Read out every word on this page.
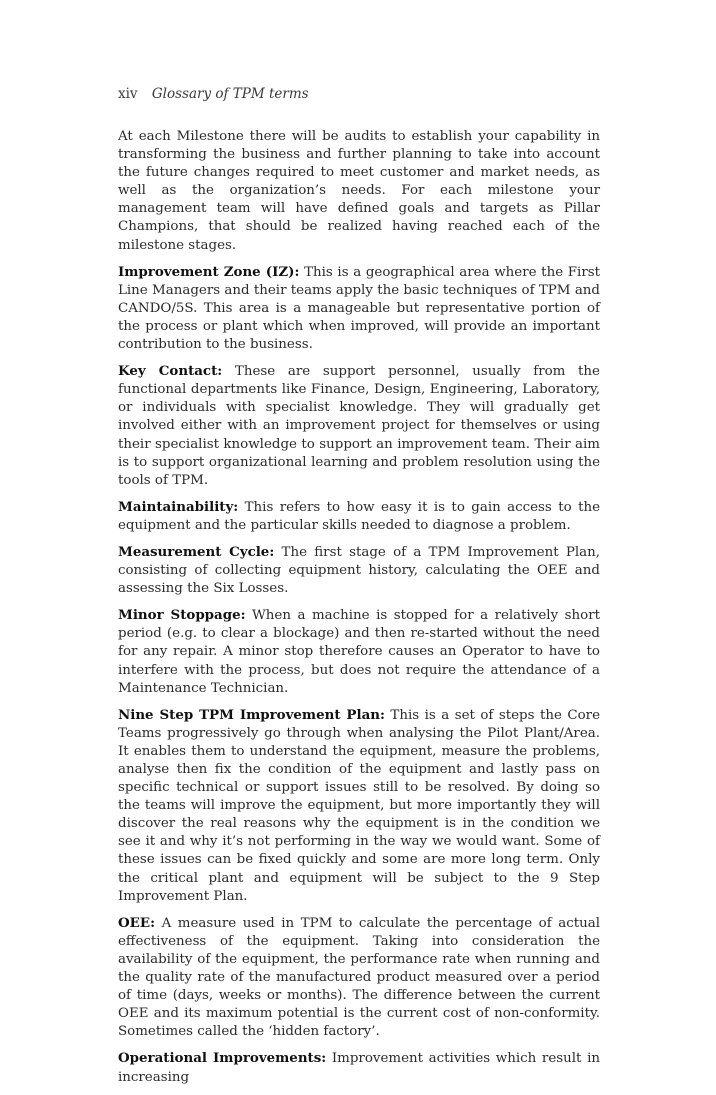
xiv Glossary of TPM terms

At each Milestone there will be audits to establish your capability in transforming the business and further planning to take into account the future changes required to meet customer and market needs, as well as the organization’s needs. For each milestone your management team will have defined goals and targets as Pillar Champions, that should be realized having reached each of the milestone stages.

Improvement Zone (IZ): This is a geographical area where the First Line Managers and their teams apply the basic techniques of TPM and CANDO/5S. This area is a manageable but representative portion of the process or plant which when improved, will provide an important contribution to the business.

Key Contact: These are support personnel, usually from the functional departments like Finance, Design, Engineering, Laboratory, or individuals with specialist knowledge. They will gradually get involved either with an improvement project for themselves or using their specialist knowledge to support an improvement team. Their aim is to support organizational learning and problem resolution using the tools of TPM.

Maintainability: This refers to how easy it is to gain access to the equipment and the particular skills needed to diagnose a problem.

Measurement Cycle: The first stage of a TPM Improvement Plan, consisting of collecting equipment history, calculating the OEE and assessing the Six Losses.

Minor Stoppage: When a machine is stopped for a relatively short period (e.g. to clear a blockage) and then re-started without the need for any repair. A minor stop therefore causes an Operator to have to interfere with the process, but does not require the attendance of a Maintenance Technician.

Nine Step TPM Improvement Plan: This is a set of steps the Core Teams progressively go through when analysing the Pilot Plant/Area. It enables them to understand the equipment, measure the problems, analyse then fix the condition of the equipment and lastly pass on specific technical or support issues still to be resolved. By doing so the teams will improve the equipment, but more importantly they will discover the real reasons why the equipment is in the condition we see it and why it’s not performing in the way we would want. Some of these issues can be fixed quickly and some are more long term. Only the critical plant and equipment will be subject to the 9 Step Improvement Plan.

OEE: A measure used in TPM to calculate the percentage of actual effectiveness of the equipment. Taking into consideration the availability of the equipment, the performance rate when running and the quality rate of the manufactured product measured over a period of time (days, weeks or months). The difference between the current OEE and its maximum potential is the current cost of non-conformity. Sometimes called the ‘hidden factory’.

Operational Improvements: Improvement activities which result in increasing
